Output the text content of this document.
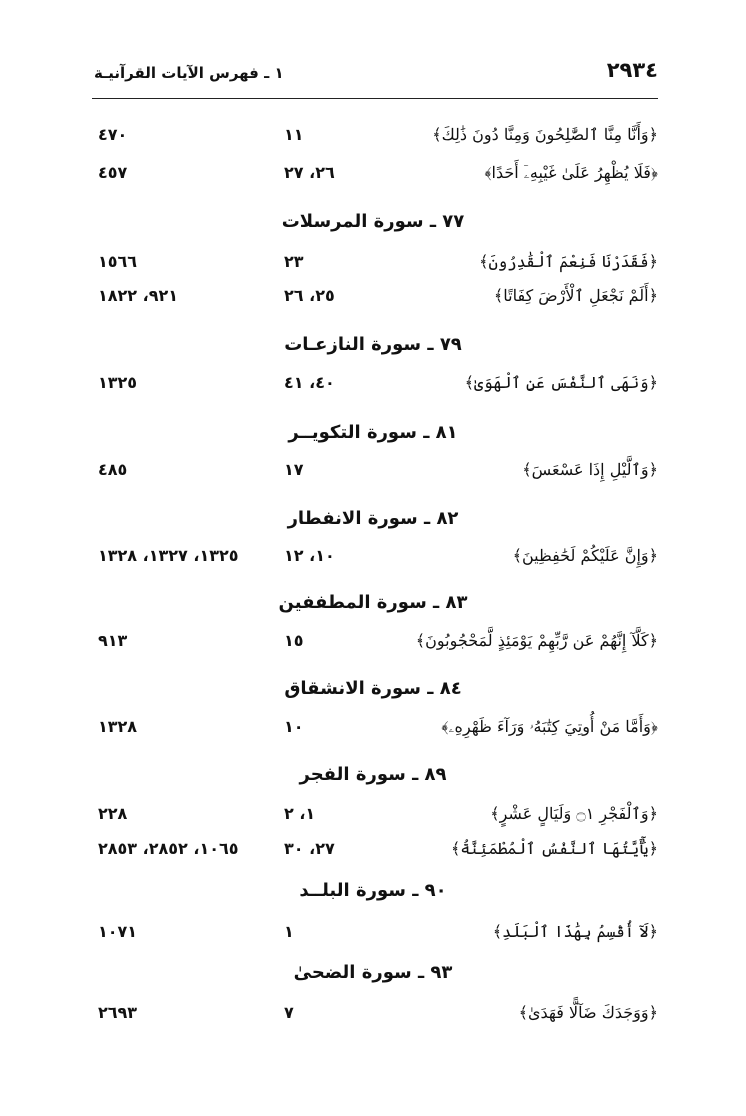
٢٩٣٤
١ ـ فهرس الآيات القرآنيـة
﴿وَأَنَّا مِنَّا ٱلصَّٰلِحُونَ وَمِنَّا دُونَ ذَٰلِكَ﴾
١١
٤٧٠
﴿فَلَا يُظْهِرُ عَلَىٰ غَيْبِهِۦٓ أَحَدًا﴾
٢٦، ٢٧
٤٥٧
٧٧ ـ سورة المرسلات
﴿فَقَدَرْنَا فَنِعْمَ ٱلْقَٰدِرُونَ﴾
٢٣
١٥٦٦
﴿أَلَمْ نَجْعَلِ ٱلْأَرْضَ كِفَاتًا﴾
٢٥، ٢٦
٩٢١، ١٨٢٢
٧٩ ـ سورة النازعـات
﴿وَنَهَى ٱلنَّفْسَ عَنِ ٱلْهَوَىٰ﴾
٤٠، ٤١
١٣٢٥
٨١ ـ سورة التكويــر
﴿وَٱلَّيْلِ إِذَا عَسْعَسَ﴾
١٧
٤٨٥
٨٢ ـ سورة الانفطار
﴿وَإِنَّ عَلَيْكُمْ لَحَٰفِظِينَ﴾
١٠، ١٢
١٣٢٥، ١٣٢٧، ١٣٢٨
٨٣ ـ سورة المطففين
﴿كَلَّآ إِنَّهُمْ عَن رَّبِّهِمْ يَوْمَئِذٍ لَّمَحْجُوبُونَ﴾
١٥
٩١٣
٨٤ ـ سورة الانشقاق
﴿وَأَمَّا مَنْ أُوتِيَ كِتَٰبَهُۥ وَرَآءَ ظَهْرِهِۦ﴾
١٠
١٣٢٨
٨٩ ـ سورة الفجر
﴿وَٱلْفَجْرِ ۝١ وَلَيَالٍ عَشْرٍ﴾
١، ٢
٢٢٨
﴿يَٰٓأَيَّتُهَا ٱلنَّفْسُ ٱلْمُطْمَئِنَّةُ﴾
٢٧، ٣٠
١٠٦٥، ٢٨٥٢، ٢٨٥٣
٩٠ ـ سورة البلــد
﴿لَآ أُقْسِمُ بِهَٰذَا ٱلْبَلَدِ﴾
١
١٠٧١
٩٣ ـ سورة الضحىٰ
﴿وَوَجَدَكَ ضَآلًّا فَهَدَىٰ﴾
٧
٢٦٩٣
